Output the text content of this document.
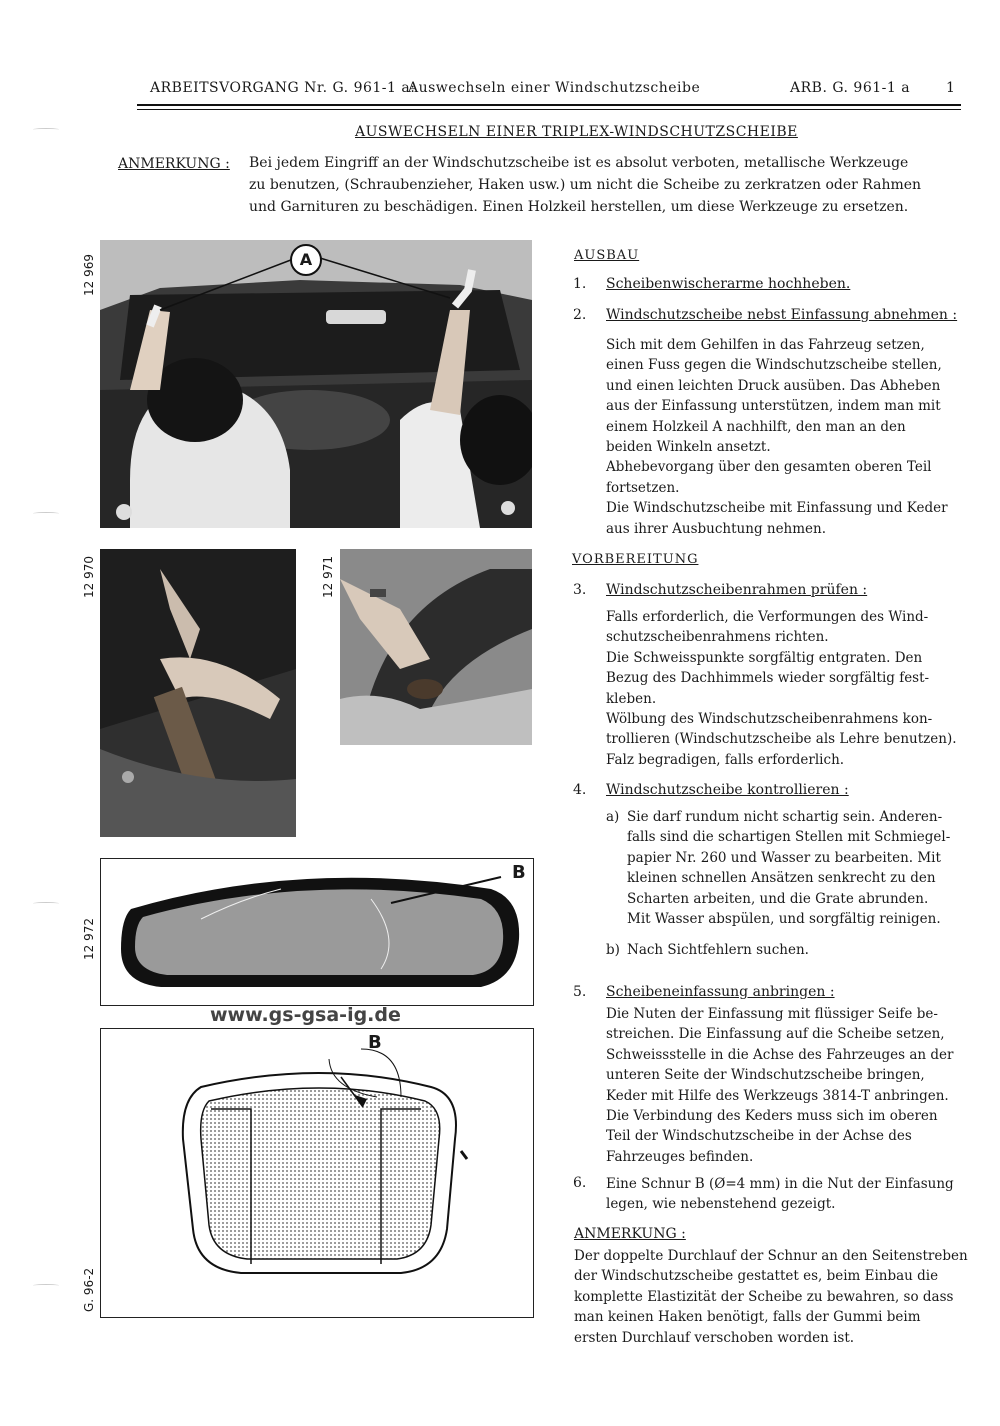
ARBEITSVORGANG Nr. G. 961-1 a:
Auswechseln einer Windschutzscheibe	ARB. G. 961-1 a	1
AUSWECHSELN EINER TRIPLEX-WINDSCHUTZSCHEIBE
ANMERKUNG : Bei jedem Eingriff an der Windschutzscheibe ist es absolut verboten, metallische Werkzeuge zu benutzen, (Schraubenzieher, Haken usw.) um nicht die Scheibe zu zerkratzen oder Rahmen und Garnituren zu beschädigen. Einen Holzkeil herstellen, um diese Werkzeuge zu ersetzen.
12 969	A
12 970	12 971
12 972
B
www.gs-gsa-ig.de
G. 96-2
B
AUSBAU
1. Scheibenwischerarme hochheben.
2. Windschutzscheibe nebst Einfassung abnehmen :
Sich mit dem Gehilfen in das Fahrzeug setzen,
einen Fuss gegen die Windschutzscheibe stellen,
und einen leichten Druck ausüben. Das Abheben
aus der Einfassung unterstützen, indem man mit
einem Holzkeil A nachhilft, den man an den
beiden Winkeln ansetzt.
Abhebevorgang über den gesamten oberen Teil
fortsetzen.
Die Windschutzscheibe mit Einfassung und Keder
aus ihrer Ausbuchtung nehmen.
VORBEREITUNG
3. Windschutzscheibenrahmen prüfen :
Falls erforderlich, die Verformungen des Wind-
schutzscheibenrahmens richten.
Die Schweisspunkte sorgfältig entgraten. Den
Bezug des Dachhimmels wieder sorgfältig fest-
kleben.
Wölbung des Windschutzscheibenrahmens kon-
trollieren (Windschutzscheibe als Lehre benutzen).
Falz begradigen, falls erforderlich.
4. Windschutzscheibe kontrollieren :
a) Sie darf rundum nicht schartig sein. Anderen-
falls sind die schartigen Stellen mit Schmiegel-
papier Nr. 260 und Wasser zu bearbeiten. Mit
kleinen schnellen Ansätzen senkrecht zu den
Scharten arbeiten, und die Grate abrunden.
Mit Wasser abspülen, und sorgfältig reinigen.
b) Nach Sichtfehlern suchen.
5. Scheibeneinfassung anbringen :
Die Nuten der Einfassung mit flüssiger Seife be-
streichen. Die Einfassung auf die Scheibe setzen,
Schweissstelle in die Achse des Fahrzeuges an der
unteren Seite der Windschutzscheibe bringen,
Keder mit Hilfe des Werkzeugs 3814-T anbringen.
Die Verbindung des Keders muss sich im oberen
Teil der Windschutzscheibe in der Achse des
Fahrzeuges befinden.
6. Eine Schnur B (Ø=4 mm) in die Nut der Einfasung
legen, wie nebenstehend gezeigt.
ANMERKUNG :
Der doppelte Durchlauf der Schnur an den Seitenstreben
der Windschutzscheibe gestattet es, beim Einbau die
komplette Elastizität der Scheibe zu bewahren, so dass
man keinen Haken benötigt, falls der Gummi beim
ersten Durchlauf verschoben worden ist.
